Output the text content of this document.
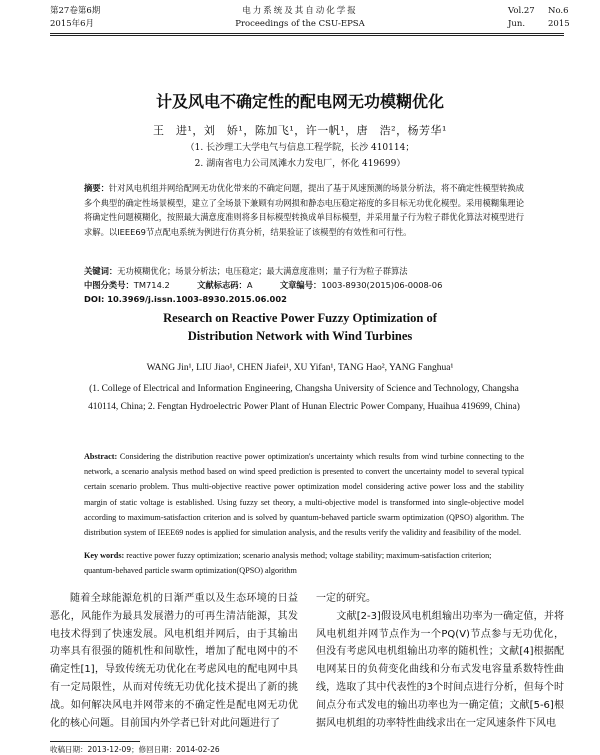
第27卷第6期	电力系统及其自动化学报	Vol.27 No.6
2015年6月	Proceedings of the CSU-EPSA	Jun.	2015
计及风电不确定性的配电网无功模糊优化
王　进¹，刘　娇¹，陈加飞¹，许一帆¹，唐　浩²，杨芳华¹
（1. 长沙理工大学电气与信息工程学院，长沙 410114；
2. 湖南省电力公司凤滩水力发电厂，怀化 419699）
摘要：针对风电机组并网给配网无功优化带来的不确定问题，提出了基于风速预测的场景分析法，将不确定性模型转换成多个典型的确定性场景模型，建立了全场景下兼顾有功网损和静态电压稳定裕度的多目标无功优化模型。采用模糊集理论将确定性问题模糊化，按照最大满意度准则将多目标模型转换成单目标模型，并采用量子行为粒子群优化算法对模型进行求解。以IEEE69节点配电系统为例进行仿真分析，结果验证了该模型的有效性和可行性。
关键词：无功模糊优化；场景分析法；电压稳定；最大满意度准则；量子行为粒子群算法
中图分类号：TM714.2	文献标志码：A	文章编号：1003-8930(2015)06-0008-06
DOI: 10.3969/j.issn.1003-8930.2015.06.002
Research on Reactive Power Fuzzy Optimization of
Distribution Network with Wind Turbines
WANG Jin¹, LIU Jiao¹, CHEN Jiafei¹, XU Yifan¹, TANG Hao², YANG Fanghua¹
(1. College of Electrical and Information Engineering, Changsha University of Science and Technology, Changsha 410114, China; 2. Fengtan Hydroelectric Power Plant of Hunan Electric Power Company, Huaihua 419699, China)
Abstract: Considering the distribution reactive power optimization's uncertainty which results from wind turbine connecting to the network, a scenario analysis method based on wind speed prediction is presented to convert the uncertainty model to several typical certain scenario problem. Thus multi-objective reactive power optimization model considering active power loss and the stability margin of static voltage is established. Using fuzzy set theory, a multi-objective model is transformed into single-objective model according to maximum-satisfaction criterion and is solved by quantum-behaved particle swarm optimization (QPSO) algorithm. The distribution system of IEEE69 nodes is applied for simulation analysis, and the results verify the validity and feasibility of the model.
Key words: reactive power fuzzy optimization; scenario analysis method; voltage stability; maximum-satisfaction criterion; quantum-behaved particle swarm optimization(QPSO) algorithm
随着全球能源危机的日渐严重以及生态环境的日益恶化，风能作为最具发展潜力的可再生清洁能源，其发电技术得到了快速发展。风电机组并网后，由于其输出功率具有很强的随机性和间歇性，增加了配电网中的不确定性[1]，导致传统无功优化在考虑风电的配电网中具有一定局限性，从而对传统无功优化技术提出了新的挑战。如何解决风电并网带来的不确定性是配电网无功优化的核心问题。目前国内外学者已针对此问题进行了
一定的研究。
　　文献[2-3]假设风电机组输出功率为一确定值，并将风电机组并网节点作为一个PQ(V)节点参与无功优化，但没有考虑风电机组输出功率的随机性；文献[4]根据配电网某日的负荷变化曲线和分布式发电容量系数特性曲线，选取了其中代表性的3个时间点进行分析，但每个时间点分布式发电的输出功率也为一确定值；文献[5-6]根据风电机组的功率特性曲线求出在一定风速条件下风电
收稿日期：2013-12-09；修回日期：2014-02-26
